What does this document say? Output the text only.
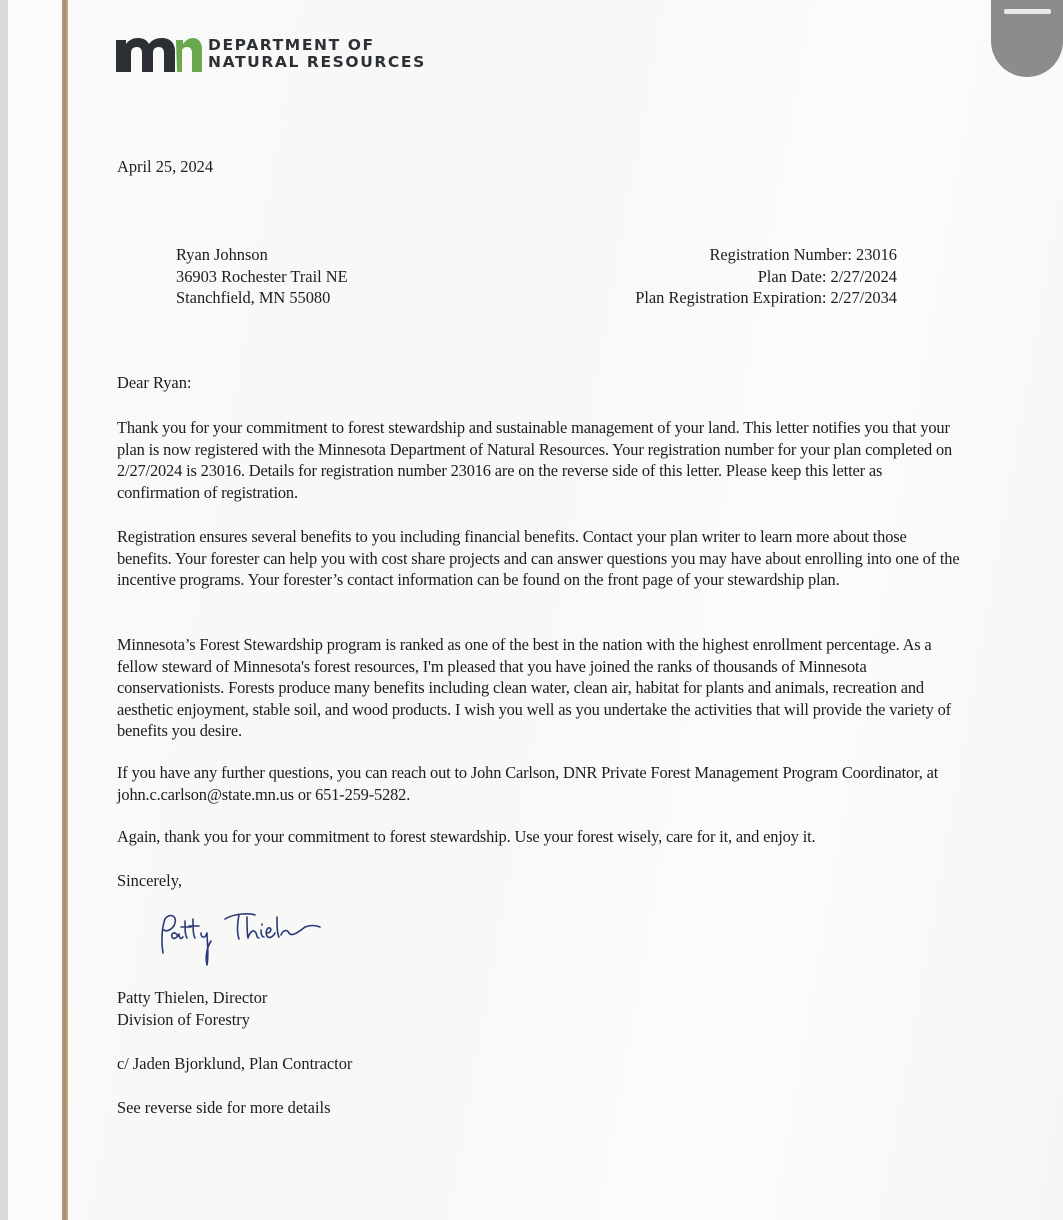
DEPARTMENT OF
NATURAL RESOURCES
April 25, 2024
Ryan Johnson
36903 Rochester Trail NE
Stanchfield, MN 55080
Registration Number: 23016
Plan Date: 2/27/2024
Plan Registration Expiration: 2/27/2034
Dear Ryan:
Thank you for your commitment to forest stewardship and sustainable management of your land. This letter notifies you that your plan is now registered with the Minnesota Department of Natural Resources. Your registration number for your plan completed on 2/27/2024 is 23016. Details for registration number 23016 are on the reverse side of this letter. Please keep this letter as confirmation of registration.
Registration ensures several benefits to you including financial benefits. Contact your plan writer to learn more about those benefits. Your forester can help you with cost share projects and can answer questions you may have about enrolling into one of the incentive programs. Your forester’s contact information can be found on the front page of your stewardship plan.
Minnesota’s Forest Stewardship program is ranked as one of the best in the nation with the highest enrollment percentage. As a fellow steward of Minnesota's forest resources, I'm pleased that you have joined the ranks of thousands of Minnesota conservationists. Forests produce many benefits including clean water, clean air, habitat for plants and animals, recreation and aesthetic enjoyment, stable soil, and wood products. I wish you well as you undertake the activities that will provide the variety of benefits you desire.
If you have any further questions, you can reach out to John Carlson, DNR Private Forest Management Program Coordinator, at john.c.carlson@state.mn.us or 651-259-5282.
Again, thank you for your commitment to forest stewardship. Use your forest wisely, care for it, and enjoy it.
Sincerely,
Patty Thielen, Director
Division of Forestry
c/ Jaden Bjorklund, Plan Contractor
See reverse side for more details
